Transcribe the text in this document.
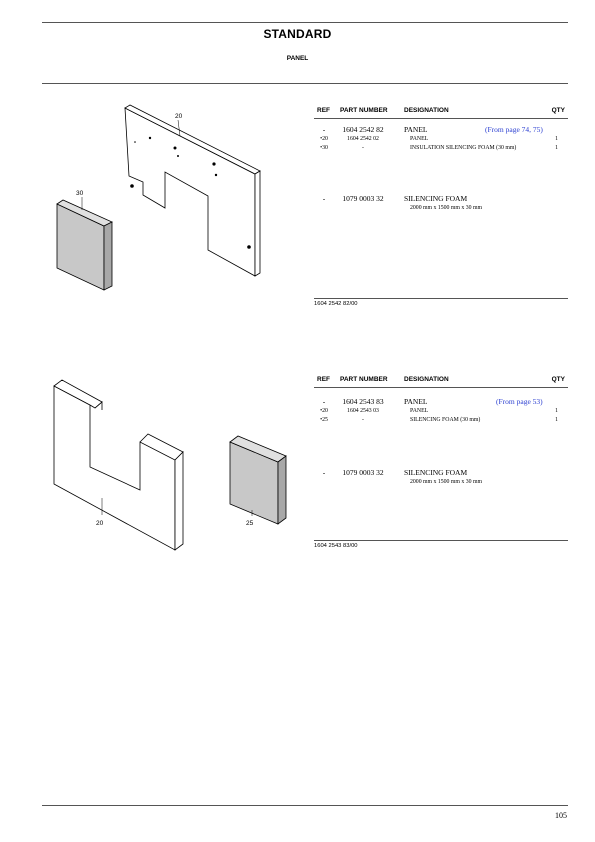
STANDARD
PANEL
20
30
REF PART NUMBER	DESIGNATION	QTY
-	1604 2542 82	PANEL	(From page 74, 75)
•20	1604 2542 02	PANEL	1
•30	-	INSULATION SILENCING FOAM (30 mm)	1
-	1079 0003 32	SILENCING FOAM
2000 mm x 1500 mm x 30 mm
1604 2542 82/00
20	25
REF PART NUMBER	DESIGNATION	QTY
-	1604 2543 83	PANEL	(From page 53)
•20	1604 2543 03	PANEL	1
•25	-	SILENCING FOAM (30 mm)	1
-	1079 0003 32	SILENCING FOAM
2000 mm x 1500 mm x 30 mm
1604 2543 83/00
105
